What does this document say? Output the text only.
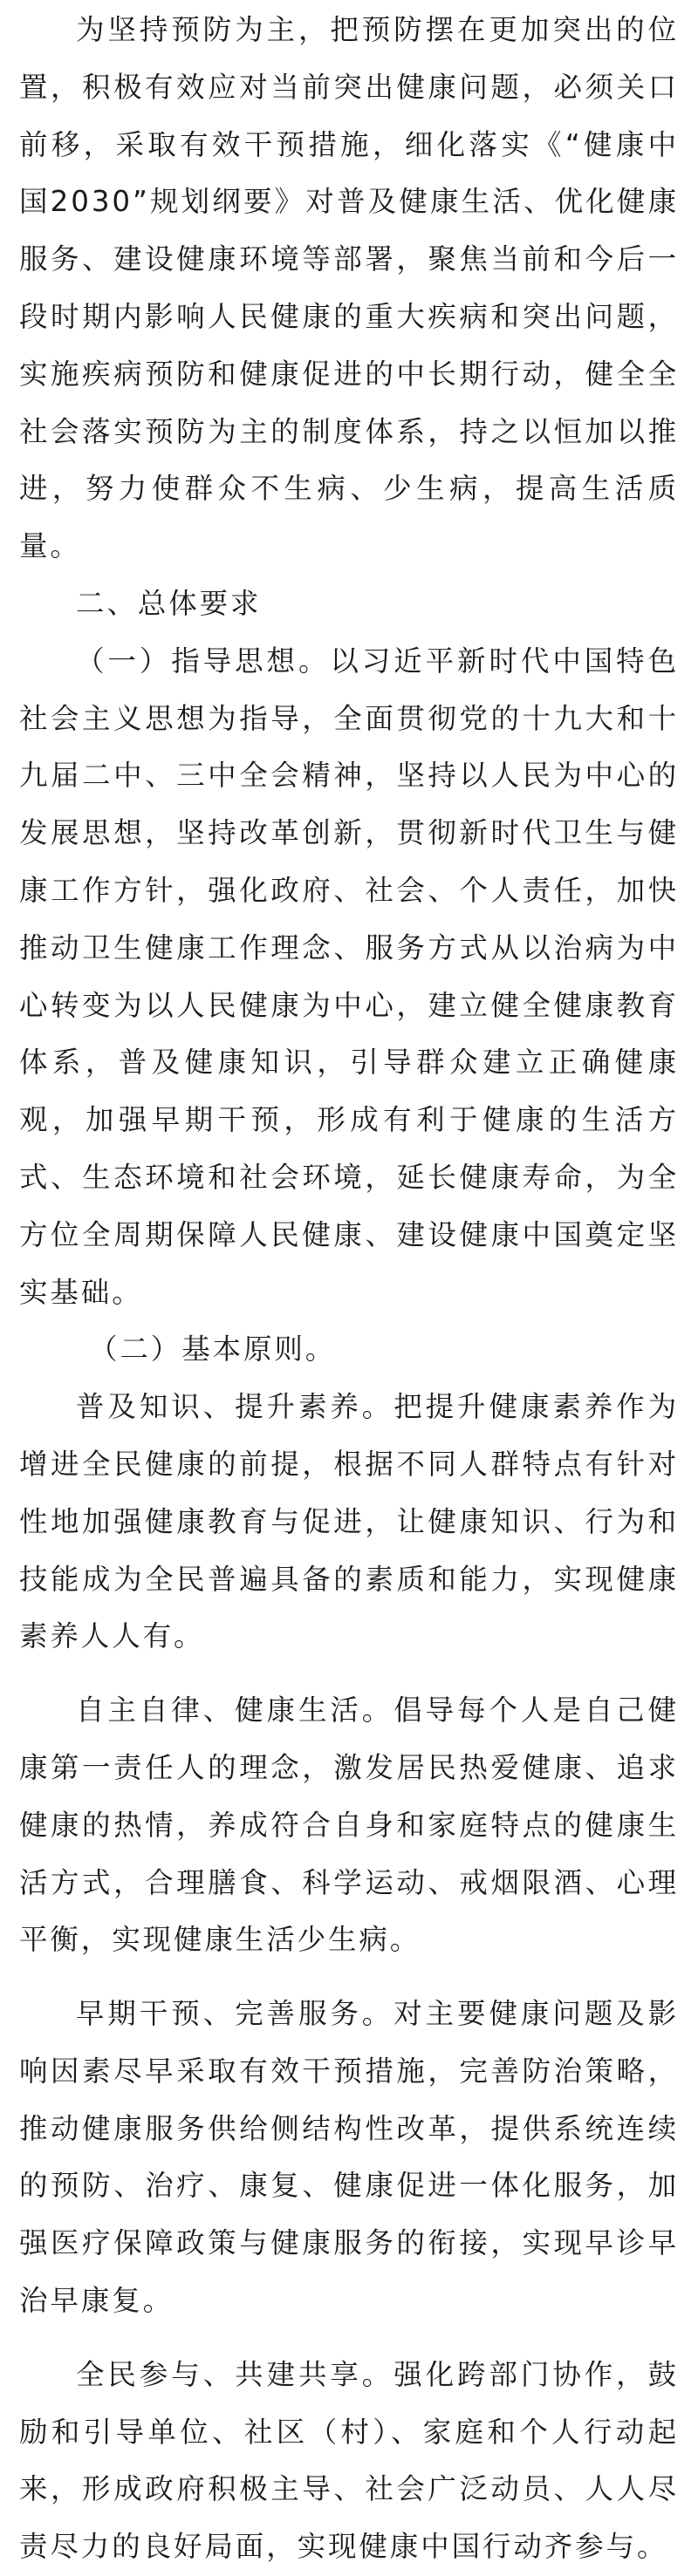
为坚持预防为主，把预防摆在更加突出的位置，积极有效应对当前突出健康问题，必须关口前移，采取有效干预措施，细化落实《“健康中国2030”规划纲要》对普及健康生活、优化健康服务、建设健康环境等部署，聚焦当前和今后一段时期内影响人民健康的重大疾病和突出问题，实施疾病预防和健康促进的中长期行动，健全全社会落实预防为主的制度体系，持之以恒加以推进，努力使群众不生病、少生病，提高生活质量。

二、总体要求

（一）指导思想。以习近平新时代中国特色社会主义思想为指导，全面贯彻党的十九大和十九届二中、三中全会精神，坚持以人民为中心的发展思想，坚持改革创新，贯彻新时代卫生与健康工作方针，强化政府、社会、个人责任，加快推动卫生健康工作理念、服务方式从以治病为中心转变为以人民健康为中心，建立健全健康教育体系，普及健康知识，引导群众建立正确健康观，加强早期干预，形成有利于健康的生活方式、生态环境和社会环境，延长健康寿命，为全方位全周期保障人民健康、建设健康中国奠定坚实基础。

（二）基本原则。

普及知识、提升素养。把提升健康素养作为增进全民健康的前提，根据不同人群特点有针对性地加强健康教育与促进，让健康知识、行为和技能成为全民普遍具备的素质和能力，实现健康素养人人有。

自主自律、健康生活。倡导每个人是自己健康第一责任人的理念，激发居民热爱健康、追求健康的热情，养成符合自身和家庭特点的健康生活方式，合理膳食、科学运动、戒烟限酒、心理平衡，实现健康生活少生病。

早期干预、完善服务。对主要健康问题及影响因素尽早采取有效干预措施，完善防治策略，推动健康服务供给侧结构性改革，提供系统连续的预防、治疗、康复、健康促进一体化服务，加强医疗保障政策与健康服务的衔接，实现早诊早治早康复。

全民参与、共建共享。强化跨部门协作，鼓励和引导单位、社区（村）、家庭和个人行动起来，形成政府积极主导、社会广泛动员、人人尽责尽力的良好局面，实现健康中国行动齐参与。
